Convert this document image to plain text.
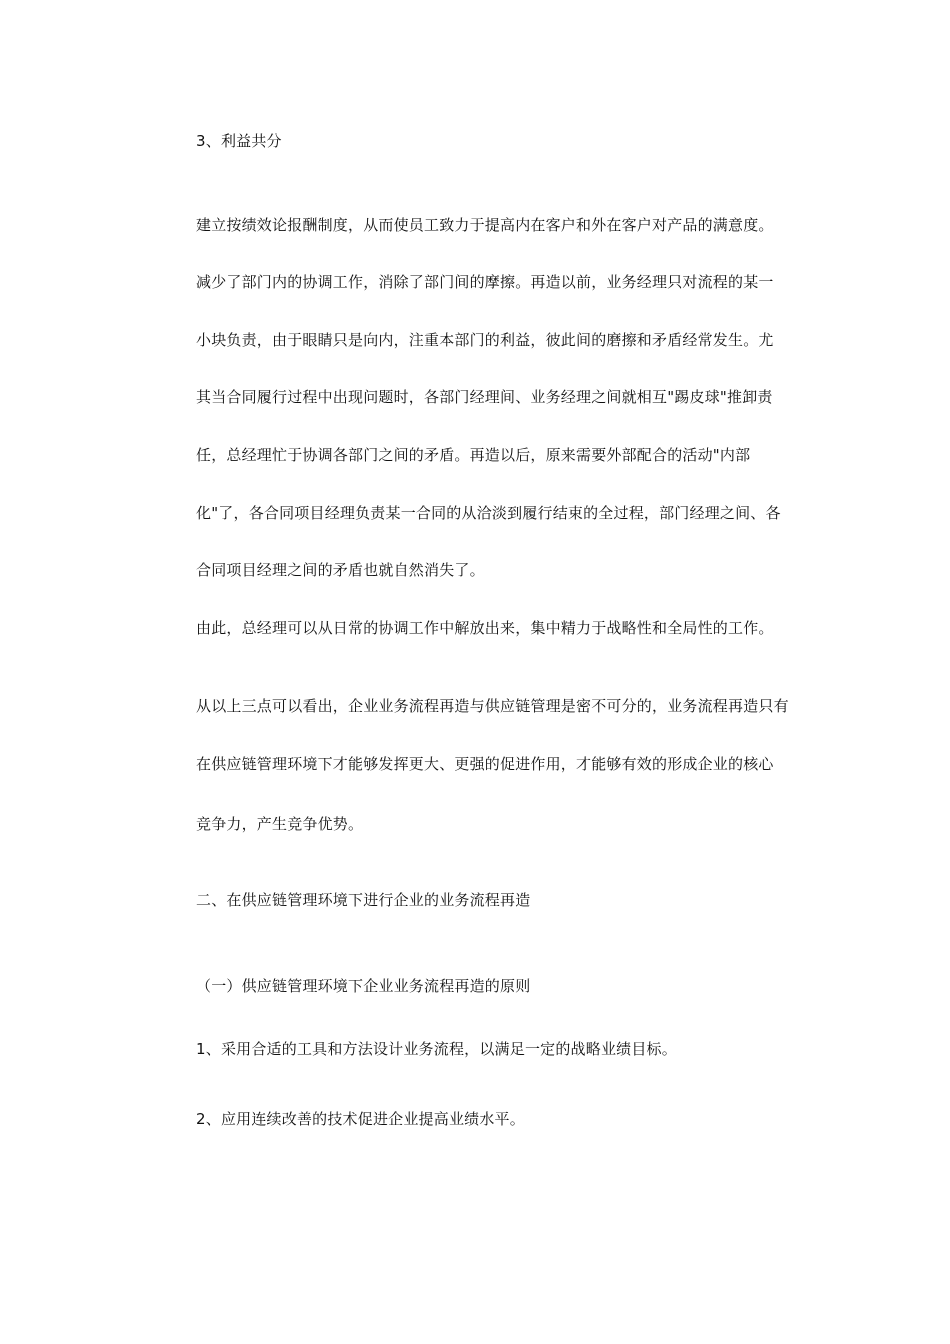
3、利益共分
建立按绩效论报酬制度，从而使员工致力于提高内在客户和外在客户对产品的满意度。
减少了部门内的协调工作，消除了部门间的摩擦。再造以前，业务经理只对流程的某一
小块负责，由于眼睛只是向内，注重本部门的利益，彼此间的磨擦和矛盾经常发生。尤
其当合同履行过程中出现问题时，各部门经理间、业务经理之间就相互"踢皮球"推卸责
任，总经理忙于协调各部门之间的矛盾。再造以后，原来需要外部配合的活动"内部
化"了，各合同项目经理负责某一合同的从洽淡到履行结束的全过程，部门经理之间、各
合同项目经理之间的矛盾也就自然消失了。
由此，总经理可以从日常的协调工作中解放出来，集中精力于战略性和全局性的工作。
从以上三点可以看出，企业业务流程再造与供应链管理是密不可分的，业务流程再造只有
在供应链管理环境下才能够发挥更大、更强的促进作用，才能够有效的形成企业的核心
竞争力，产生竞争优势。
二、在供应链管理环境下进行企业的业务流程再造
（一）供应链管理环境下企业业务流程再造的原则
1、采用合适的工具和方法设计业务流程，以满足一定的战略业绩目标。
2、应用连续改善的技术促进企业提高业绩水平。
